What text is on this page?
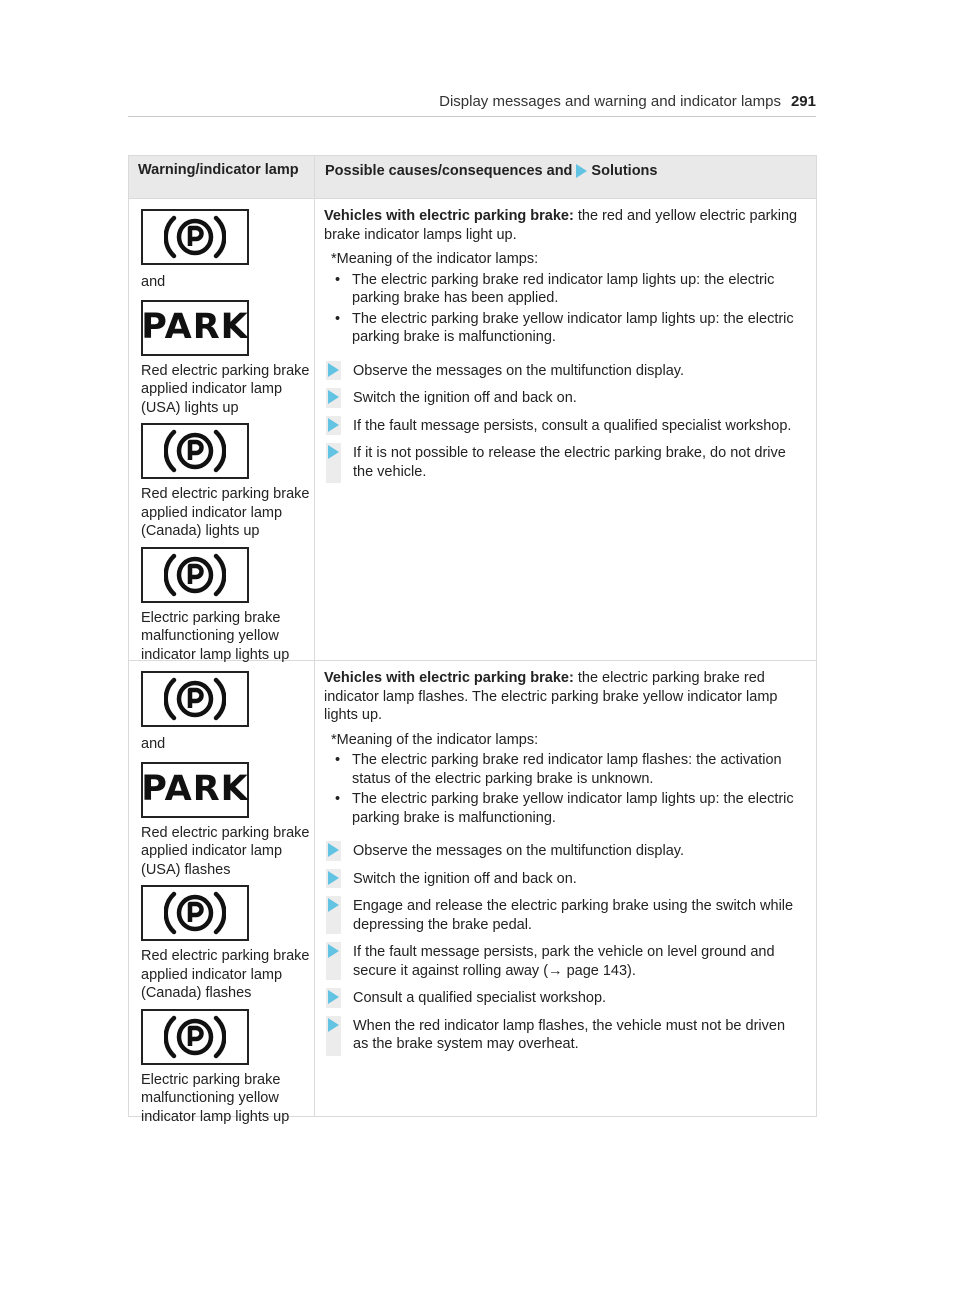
Display messages and warning and indicator lamps 291
Warning/indicator lamp	Possible causes/consequences and Solutions
and
PARK
Red electric parking brake applied indicator lamp (USA) lights up
Red electric parking brake applied indicator lamp (Canada) lights up
Electric parking brake malfunctioning yellow indicator lamp lights up
Vehicles with electric parking brake: the red and yellow electric parking brake indicator lamps light up.
*Meaning of the indicator lamps:
• The electric parking brake red indicator lamp lights up: the electric parking brake has been applied.
• The electric parking brake yellow indicator lamp lights up: the electric parking brake is malfunctioning.
Observe the messages on the multifunction display.
Switch the ignition off and back on.
If the fault message persists, consult a qualified specialist workshop.
If it is not possible to release the electric parking brake, do not drive the vehicle.
and
PARK
Red electric parking brake applied indicator lamp (USA) flashes
Red electric parking brake applied indicator lamp (Canada) flashes
Electric parking brake malfunctioning yellow indicator lamp lights up
Vehicles with electric parking brake: the electric parking brake red indicator lamp flashes. The electric parking brake yellow indicator lamp lights up.
*Meaning of the indicator lamps:
• The electric parking brake red indicator lamp flashes: the activation status of the electric parking brake is unknown.
• The electric parking brake yellow indicator lamp lights up: the electric parking brake is malfunctioning.
Observe the messages on the multifunction display.
Switch the ignition off and back on.
Engage and release the electric parking brake using the switch while depressing the brake pedal.
If the fault message persists, park the vehicle on level ground and secure it against rolling away (→ page 143).
Consult a qualified specialist workshop.
When the red indicator lamp flashes, the vehicle must not be driven as the brake system may overheat.
